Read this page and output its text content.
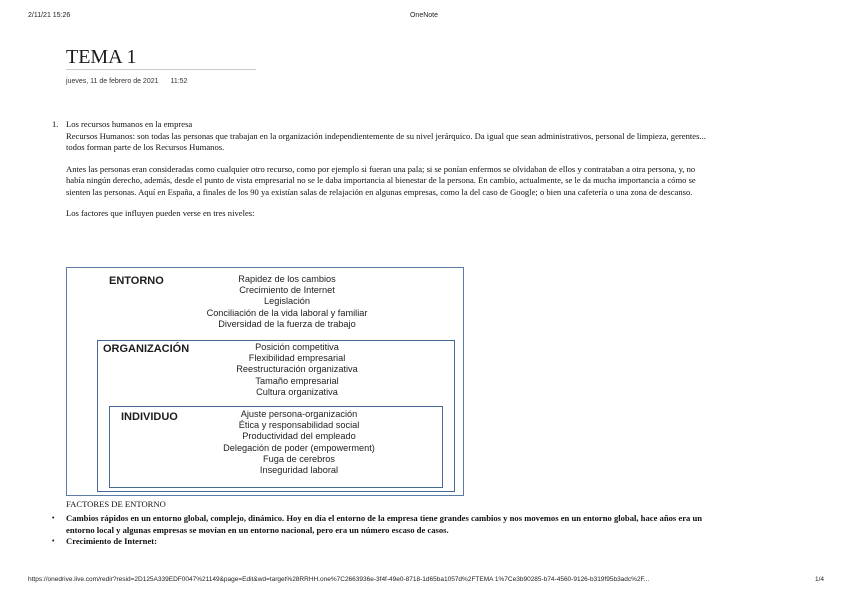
2/11/21 15:26	OneNote
TEMA 1
jueves, 11 de febrero de 2021 11:52
1. Los recursos humanos en la empresa

Recursos Humanos: son todas las personas que trabajan en la organización independientemente de su nivel jerárquico. Da igual que sean administrativos, personal de limpieza, gerentes... todos forman parte de los Recursos Humanos.

Antes las personas eran consideradas como cualquier otro recurso, como por ejemplo si fueran una pala; si se ponían enfermos se olvidaban de ellos y contrataban a otra persona, y, no había ningún derecho, además, desde el punto de vista empresarial no se le daba importancia al bienestar de la persona. En cambio, actualmente, se le da mucha importancia a cómo se sienten las personas. Aquí en España, a finales de los 90 ya existían salas de relajación en algunas empresas, como la del caso de Google; o bien una cafetería o una zona de descanso.

Los factores que influyen pueden verse en tres niveles:

ENTORNO	Rapidez de los cambios
Crecimiento de Internet
Legislación
Conciliación de la vida laboral y familiar
Diversidad de la fuerza de trabajo
ORGANIZACIÓN	Posición competitiva
Flexibilidad empresarial
Reestructuración organizativa
Tamaño empresarial
Cultura organizativa
INDIVIDUO	Ajuste persona-organización
Ética y responsabilidad social
Productividad del empleado
Delegación de poder (empowerment)
Fuga de cerebros
Inseguridad laboral

FACTORES DE ENTORNO

• Cambios rápidos en un entorno global, complejo, dinámico. Hoy en día el entorno de la empresa tiene grandes cambios y nos movemos en un entorno global, hace años era un entorno local y algunas empresas se movían en un entorno nacional, pero era un número escaso de casos.
• Crecimiento de Internet:
https://onedrive.live.com/redir?resid=2D125A339EDF0047%21149&page=Edit&wd=target%28RRHH.one%7C2663936e-3f4f-49e0-8718-1d65ba1057d%2FTEMA 1%7Ce3b90285-b74-4560-9126-b319f95b3adc%2F...	1/4
